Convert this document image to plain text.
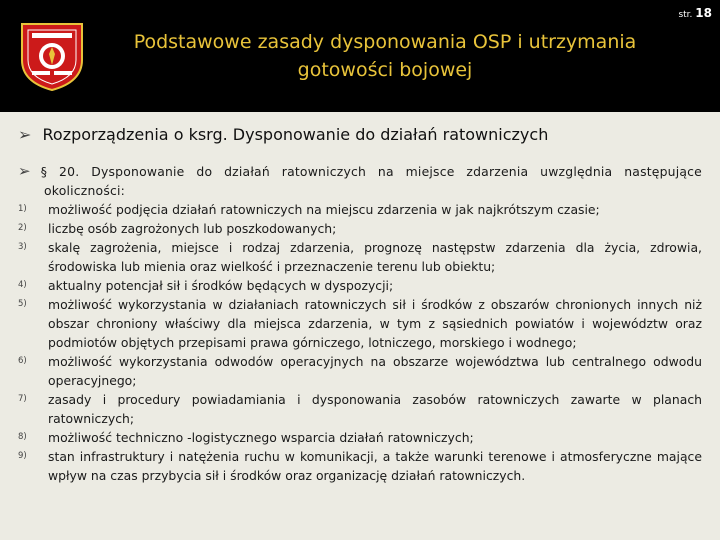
str. 18
Podstawowe zasady dysponowania OSP i utrzymania gotowości bojowej
➢ Rozporządzenia o ksrg. Dysponowanie do działań ratowniczych
➢ § 20. Dysponowanie do działań ratowniczych na miejsce zdarzenia uwzględnia następujące okoliczności:
1)	możliwość podjęcia działań ratowniczych na miejscu zdarzenia w jak najkrótszym czasie;
2)	liczbę osób zagrożonych lub poszkodowanych;
3)	skalę zagrożenia, miejsce i rodzaj zdarzenia, prognozę następstw zdarzenia dla życia, zdrowia, środowiska lub mienia oraz wielkość i przeznaczenie terenu lub obiektu;
4)	aktualny potencjał sił i środków będących w dyspozycji;
5)	możliwość wykorzystania w działaniach ratowniczych sił i środków z obszarów chronionych innych niż obszar chroniony właściwy dla miejsca zdarzenia, w tym z sąsiednich powiatów i województw oraz podmiotów objętych przepisami prawa górniczego, lotniczego, morskiego i wodnego;
6)	możliwość wykorzystania odwodów operacyjnych na obszarze województwa lub centralnego odwodu operacyjnego;
7)	zasady i procedury powiadamiania i dysponowania zasobów ratowniczych zawarte w planach ratowniczych;
8)	możliwość techniczno -logistycznego wsparcia działań ratowniczych;
9)	stan infrastruktury i natężenia ruchu w komunikacji, a także warunki terenowe i atmosferyczne mające wpływ na czas przybycia sił i środków oraz organizację działań ratowniczych.
